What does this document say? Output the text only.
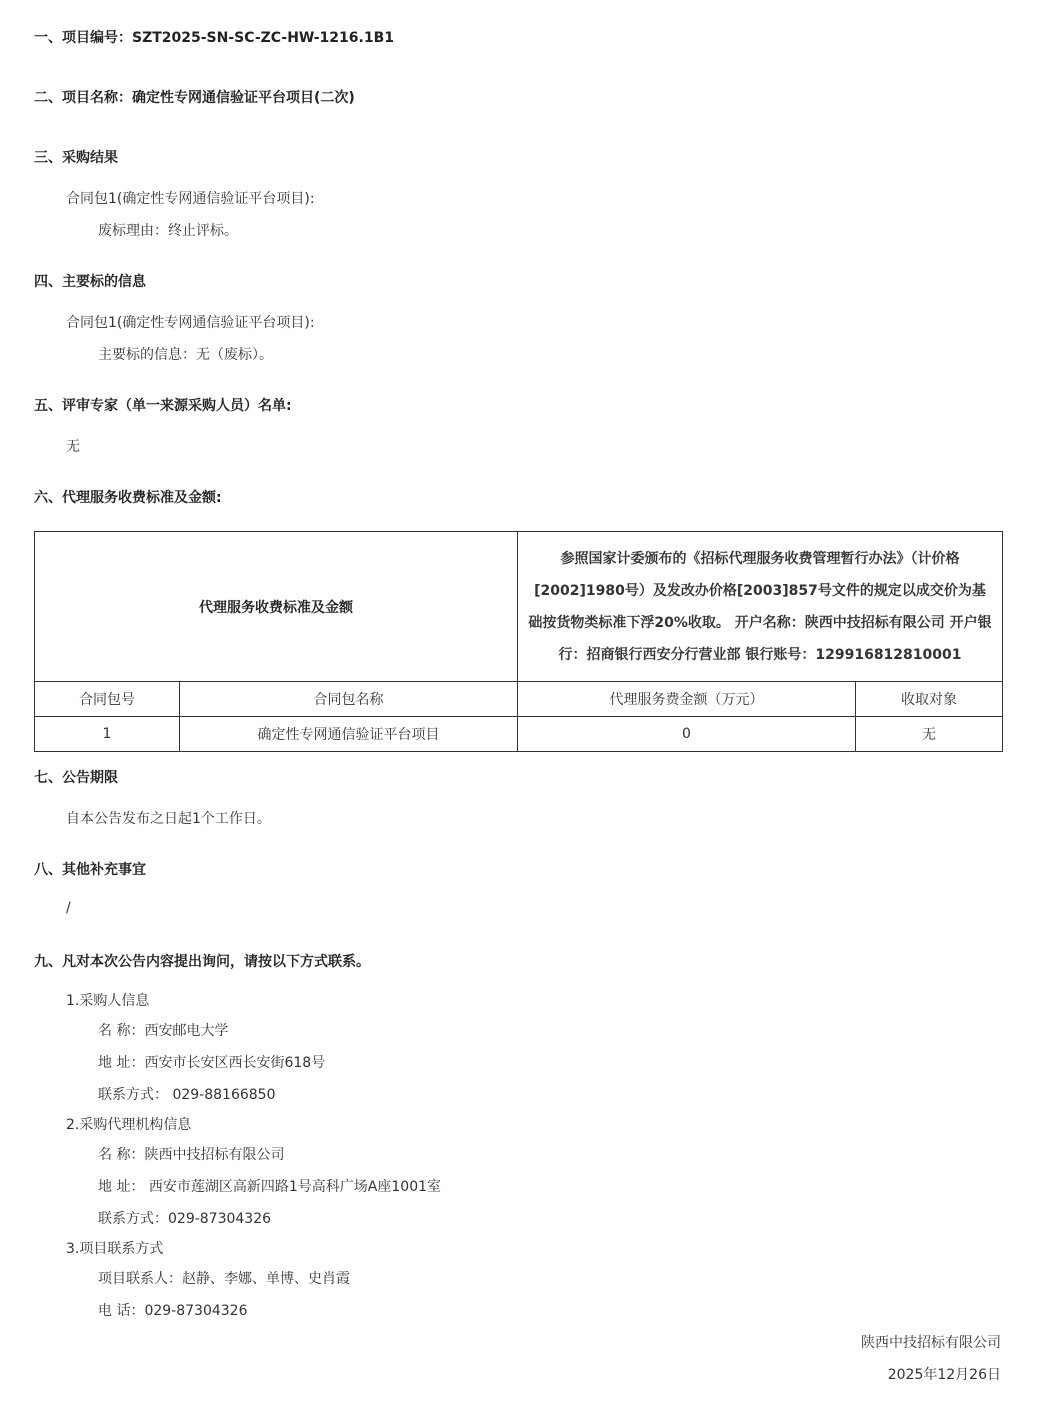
一、项目编号：SZT2025-SN-SC-ZC-HW-1216.1B1
二、项目名称：确定性专网通信验证平台项目(二次)
三、采购结果
合同包1(确定性专网通信验证平台项目):
废标理由：终止评标。
四、主要标的信息
合同包1(确定性专网通信验证平台项目):
主要标的信息：无（废标）。
五、评审专家（单一来源采购人员）名单:
无
六、代理服务收费标准及金额:
代理服务收费标准及金额		参照国家计委颁布的《招标代理服务收费管理暂行办法》（计价格[2002]1980号）及发改办价格[2003]857号文件的规定以成交价为基础按货物类标准下浮20%收取。 开户名称：陕西中技招标有限公司 开户银行：招商银行西安分行营业部 银行账号：129916812810001	
合同包号	合同包名称	代理服务费金额（万元）	收取对象
1	确定性专网通信验证平台项目	0	无
七、公告期限
自本公告发布之日起1个工作日。
八、其他补充事宜
/
九、凡对本次公告内容提出询问，请按以下方式联系。
1.采购人信息
名 称：西安邮电大学
地 址：西安市长安区西长安街618号
联系方式： 029-88166850
2.采购代理机构信息
名 称：陕西中技招标有限公司
地 址： 西安市莲湖区高新四路1号高科广场A座1001室
联系方式：029-87304326
3.项目联系方式
项目联系人：赵静、李娜、单博、史肖霞
电 话：029-87304326
陕西中技招标有限公司
2025年12月26日
